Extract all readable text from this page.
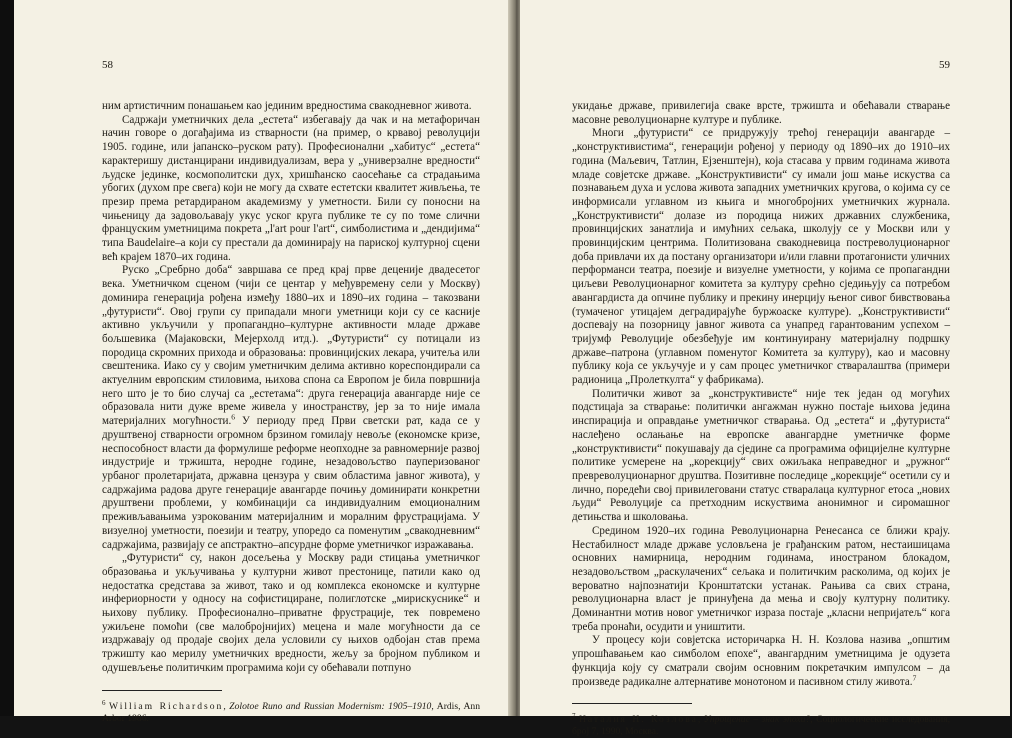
58

ним артистичним понашањем као јединим вредностима свакодневног живота.

Садржаји уметничких дела „естета“ избегавају да чак и на метафоричан начин говоре о догађајима из стварности (на пример, о крвавој револуцији 1905. године, или јапанско–руском рату). Професионални „хабитус“ „естета“ карактеришу дистанцирани индивидуализам, вера у „универзалне вредности“ људске јединке, космополитски дух, хришћанско саосећање са страдањима убогих (духом пре свега) који не могу да схвате естетски квалитет живљења, те презир према ретардираном академизму у уметности. Били су поносни на чињеницу да задовољавају укус уског круга публике те су по томе слични француским уметницима покрета „l'art pour l'art“, симболистима и „дендијима“ типа Baudelaire–а који су престали да доминирају на париској културној сцени већ крајем 1870–их година.

Руско „Сребрно доба“ завршава се пред крај прве деценије двадесетог века. Уметничком сценом (чији се центар у међувремену сели у Москву) доминира генерација рођена између 1880–их и 1890–их година – такозвани „футуристи“. Овој групи су припадали многи уметници који су се касније активно укључили у пропагандно–културне активности младе државе бољшевика (Мајаковски, Мејерхолд итд.). „Футуристи“ су потицали из породица скромних прихода и образовања: провинцијских лекара, учитеља или свештеника. Иако су у својим уметничким делима активно кореспондирали са актуелним европским стиловима, њихова спона са Европом је била површнија него што је то био случај са „естетама“: друга генерација авангарде није се образовала нити дуже време живела у иностранству, јер за то није имала материјалних могућности.$^6$ У периоду пред Први светски рат, када се у друштвеној стварности огромном брзином гомилају невоље (економске кризе, неспособност власти да формулише реформе неопходне за равномерније развој индустрије и тржишта, неродне године, незадовољство пауперизованог урбаног пролетаријата, државна цензура у свим областима јавног живота), у садржајима радова друге генерације авангарде почињу доминирати конкретни друштвени проблеми, у комбинацији са индивидуалним емоционалним преживљавањима узрокованим материјалним и моралним фрустрацијама. У визуелној уметности, поезији и театру, упоредо са поменутим „свакодневним“ садржајима, развијају се апстрактно–апсурдне форме уметничког изражавања.

„Футуристи“ су, након досељења у Москву ради стицања уметничког образовања и укључивања у културни живот престонице, патили како од недостатка средстава за живот, тако и од комплекса економске и културне инфериорности у односу на софистициране, полиглотске „мирискуснике“ и њихову публику. Професионално–приватне фрустрације, тек повремено ужиљене помоћи (све малобројнијих) мецена и мале могућности да се издржавају од продаје својих дела условили су њихов одбојан став према тржишту као мерилу уметничких вредности, жељу за бројном публиком и одушевљење политичким програмима који су обећавали потпуно

$^6$ William Richardson, Zolotoe Runo and Russian Modernism: 1905–1910, Ardis, Ann Arbor 1986.
59

укидање државе, привилегија сваке врсте, тржишта и обећавали стварање масовне револуционарне културе и публике.

Многи „футуристи“ се придружују трећој генерацији авангарде – „конструктивистима“, генерацији рођеној у периоду од 1890–их до 1910–их година (Маљевич, Татлин, Ејзенштејн), која стасава у првим годинама живота младе совјетске државе. „Конструктивисти“ су имали још мање искуства са познавањем духа и услова живота западних уметничких кругова, о којима су се информисали углавном из књига и многобројних уметничких журнала. „Конструктивисти“ долазе из породица нижих државних службеника, провинцијских занатлија и имућних сељака, школују се у Москви или у провинцијским центрима. Политизована свакодневица постреволуционарног доба привлачи их да постану организатори и/или главни протагонисти уличних перформанси театра, поезије и визуелне уметности, у којима се пропагандни циљеви Револуционарног комитета за културу срећно сједињују са потребом авангардиста да опчине публику и прекину инерцију њеног сивог бивствовања (тумаченог утицајем деградирајуће буржоаске културе). „Конструктивисти“ доспевају на позорницу јавног живота са унапред гарантованим успехом – тријумф Револуције обезбеђује им континуирану материјалну подршку државе–патрона (углавном поменутог Комитета за културу), као и масовну публику која се укључује и у сам процес уметничког стваралаштва (примери радионица „Пролеткулта“ у фабрикама).

Политички живот за „конструктивисте“ није тек један од могућих подстицаја за стварање: политички ангажман нужно постаје њихова једина инспирација и оправдање уметничког стварања. Од „естета“ и „футуриста“ наслеђено ослањање на европске авангардне уметничке форме „конструктивисти“ покушавају да сједине са програмима официјелне културне политике усмерене на „корекцију“ свих ожиљака неправедног и „ружног“ превреволуционарног друштва. Позитивне последице „корекције“ осетили су и лично, поредећи свој привилеговани статус стваралаца културног етоса „нових људи“ Револуције са претходним искуствима анонимног и сиромашног детињства и школовања.

Средином 1920–их година Револуционарна Ренесанса се ближи крају. Нестабилност младе државе условљена је грађанским ратом, нестаишицама основних намирница, неродним годинама, иностраном блокадом, незадовољством „раскулачених“ сељака и политичким расколима, од којих је вероватно најпознатији Кронштатски устанак. Рањива са свих страна, револуционарна власт је принуђена да мења и своју културну политику. Доминантни мотив новог уметничког израза постаје „класни непријатељ“ кога треба пронаћи, осудити и уништити.

У процесу који совјетска историчарка Н. Н. Козлова назива „општим упрошћавањем као симболом епохе“, авангардним уметницима је одузета функција коју су сматрали својим основним покретачким импулсом – да произведе радикалне алтернативе монотоном и пасивном стилу живота.$^7$

$^7$ Наталия Н. Козлова, Упрощение – знак эпохи?, Социологические исследования, број 7, 1990, Москва.
